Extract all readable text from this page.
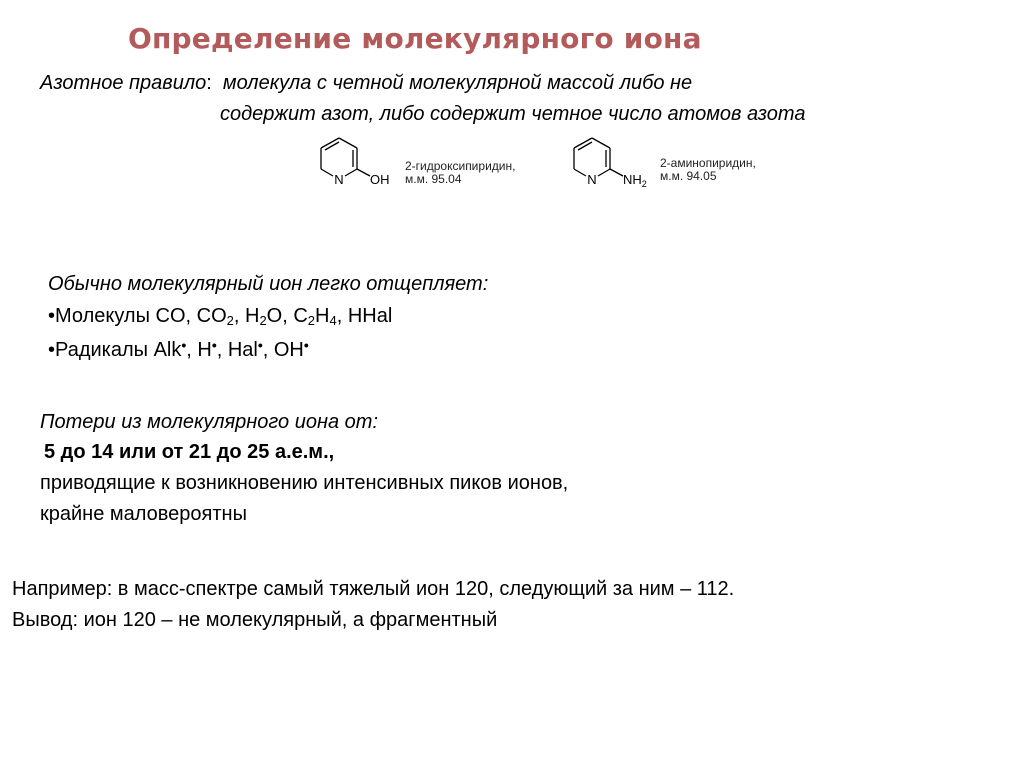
Определение молекулярного иона
Азотное правило:  молекула с четной молекулярной массой либо не
содержит азот, либо содержит четное число атомов азота
N OH
2-гидроксипиридин,
м.м. 95.04	N $NH_2$
2-аминопиридин,
м.м. 94.05
Обычно молекулярный ион легко отщепляет:
•Молекулы CO, $CO_2$, $H_2O$, $C_2H_4$, HHal
•Радикалы Alk•, H•, Hal•, OH•
Потери из молекулярного иона от:
5 до 14 или от 21 до 25 а.е.м.,
приводящие к возникновению интенсивных пиков ионов,
крайне маловероятны
Например: в масс-спектре самый тяжелый ион 120, следующий за ним – 112.
Вывод: ион 120 – не молекулярный, а фрагментный
